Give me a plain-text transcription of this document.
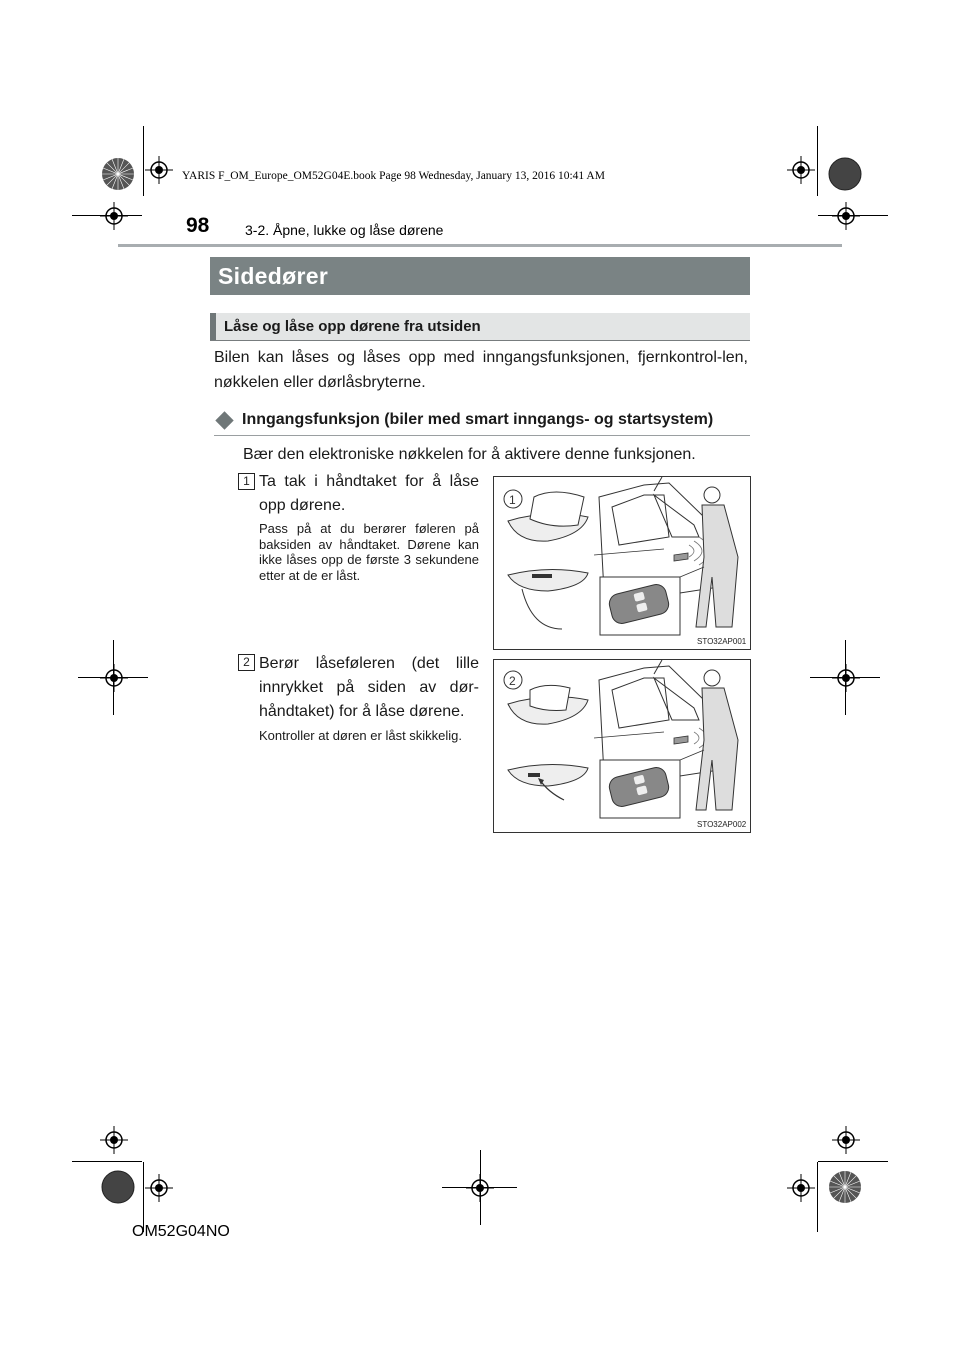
YARIS F_OM_Europe_OM52G04E.book Page 98 Wednesday, January 13, 2016 10:41 AM
98	3-2. Åpne, lukke og låse dørene
Sidedører
Låse og låse opp dørene fra utsiden
Bilen kan låses og låses opp med inngangsfunksjonen, fjernkontrol-len, nøkkelen eller dørlåsbryterne.
Inngangsfunksjon (biler med smart inngangs- og startsystem)
Bær den elektroniske nøkkelen for å aktivere denne funksjonen.
1 Ta tak i håndtaket for å låse opp dørene.
Pass på at du berører føleren på baksiden av håndtaket. Dørene kan ikke låses opp de første 3 sekundene etter at de er låst.
1
STO32AP001
2 Berør låseføleren (det lille innrykket på siden av dør-håndtaket) for å låse dørene.
Kontroller at døren er låst skikkelig.
2
STO32AP002
OM52G04NO
